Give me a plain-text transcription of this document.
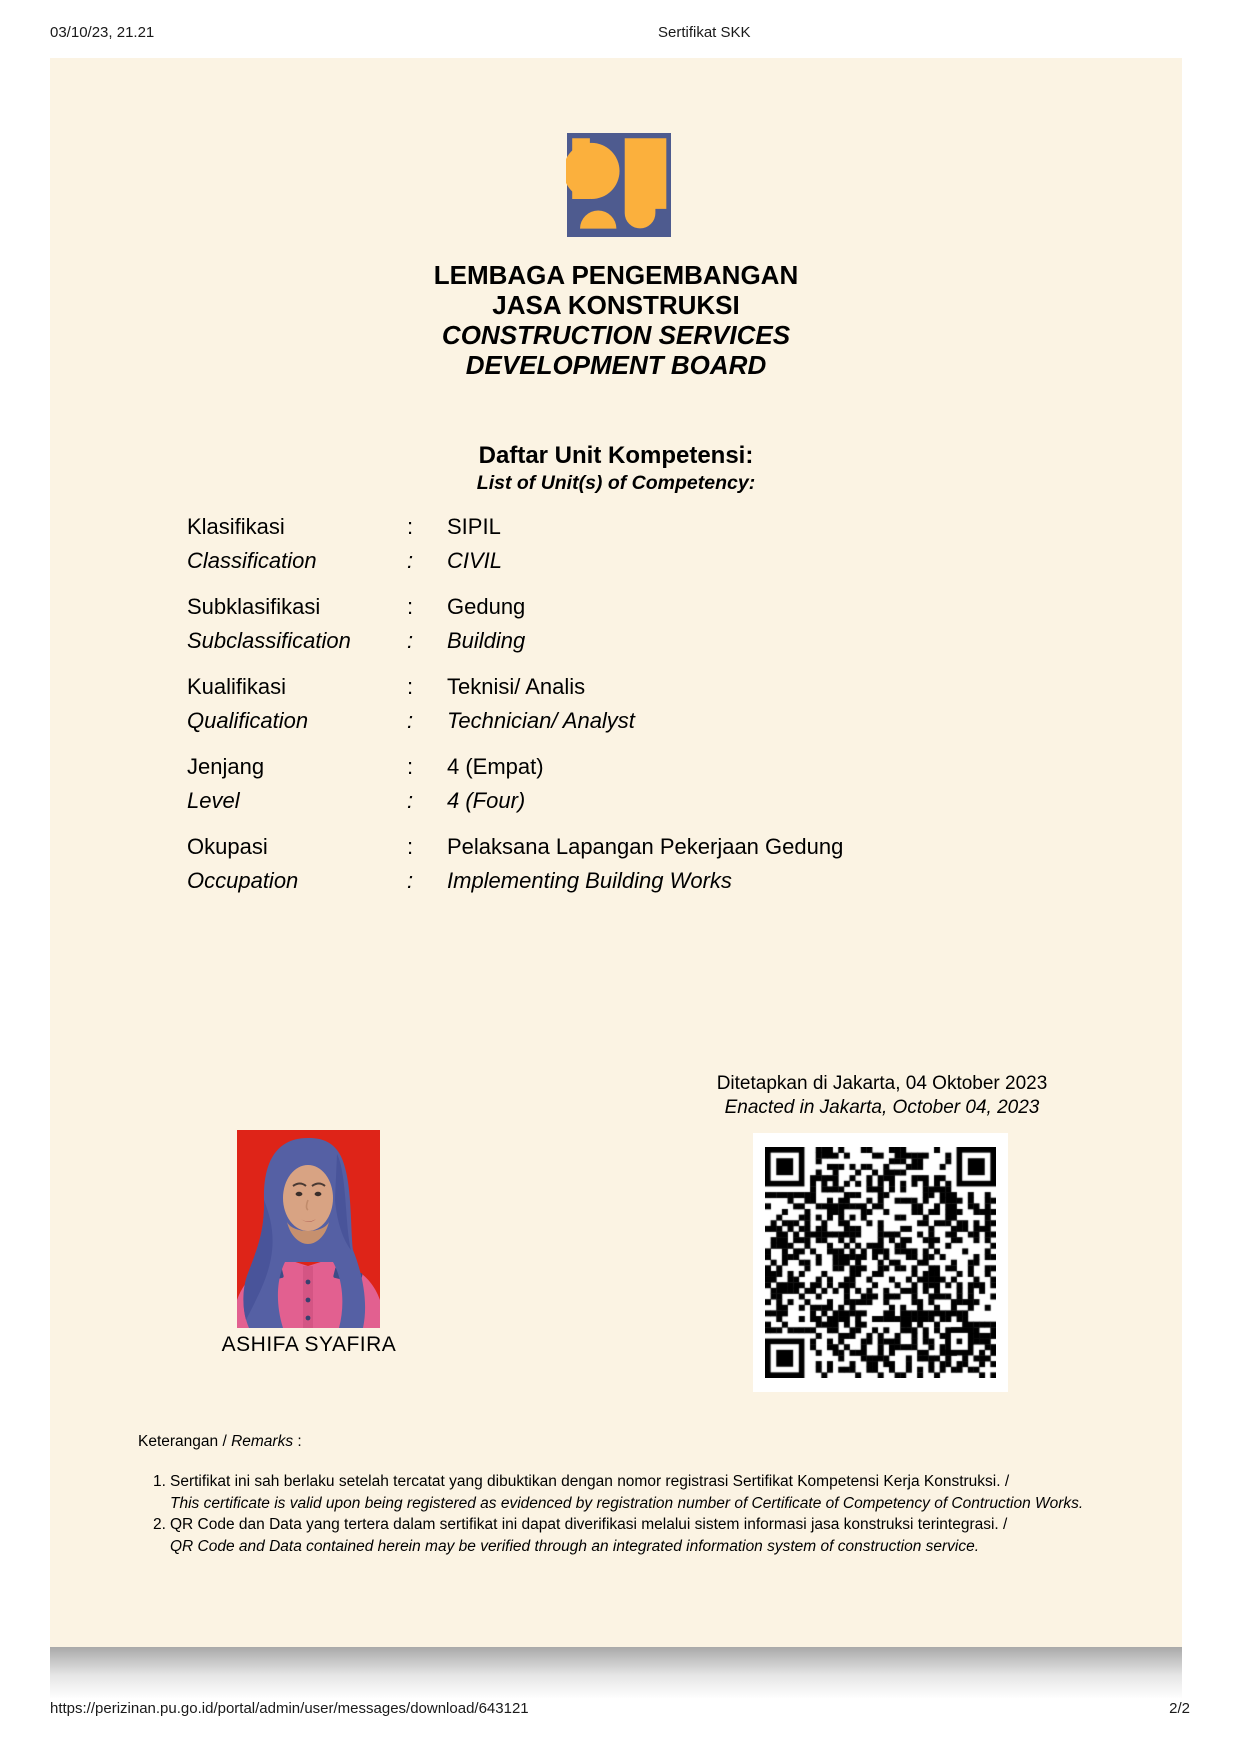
03/10/23, 21.21	Sertifikat SKK
LEMBAGA PENGEMBANGAN
JASA KONSTRUKSI
CONSTRUCTION SERVICES
DEVELOPMENT BOARD
Daftar Unit Kompetensi:
List of Unit(s) of Competency:
Klasifikasi	:	SIPIL
Classification	:	CIVIL
Subklasifikasi	:	Gedung
Subclassification	:	Building
Kualifikasi	:	Teknisi/ Analis
Qualification	:	Technician/ Analyst
Jenjang	:	4 (Empat)
Level	:	4 (Four)
Okupasi	:	Pelaksana Lapangan Pekerjaan Gedung
Occupation	:	Implementing Building Works
Ditetapkan di Jakarta, 04 Oktober 2023
Enacted in Jakarta, October 04, 2023
ASHIFA SYAFIRA
Keterangan / Remarks :
1. Sertifikat ini sah berlaku setelah tercatat yang dibuktikan dengan nomor registrasi Sertifikat Kompetensi Kerja Konstruksi. /
This certificate is valid upon being registered as evidenced by registration number of Certificate of Competency of Contruction Works.
2. QR Code dan Data yang tertera dalam sertifikat ini dapat diverifikasi melalui sistem informasi jasa konstruksi terintegrasi. /
QR Code and Data contained herein may be verified through an integrated information system of construction service.
https://perizinan.pu.go.id/portal/admin/user/messages/download/643121	2/2
